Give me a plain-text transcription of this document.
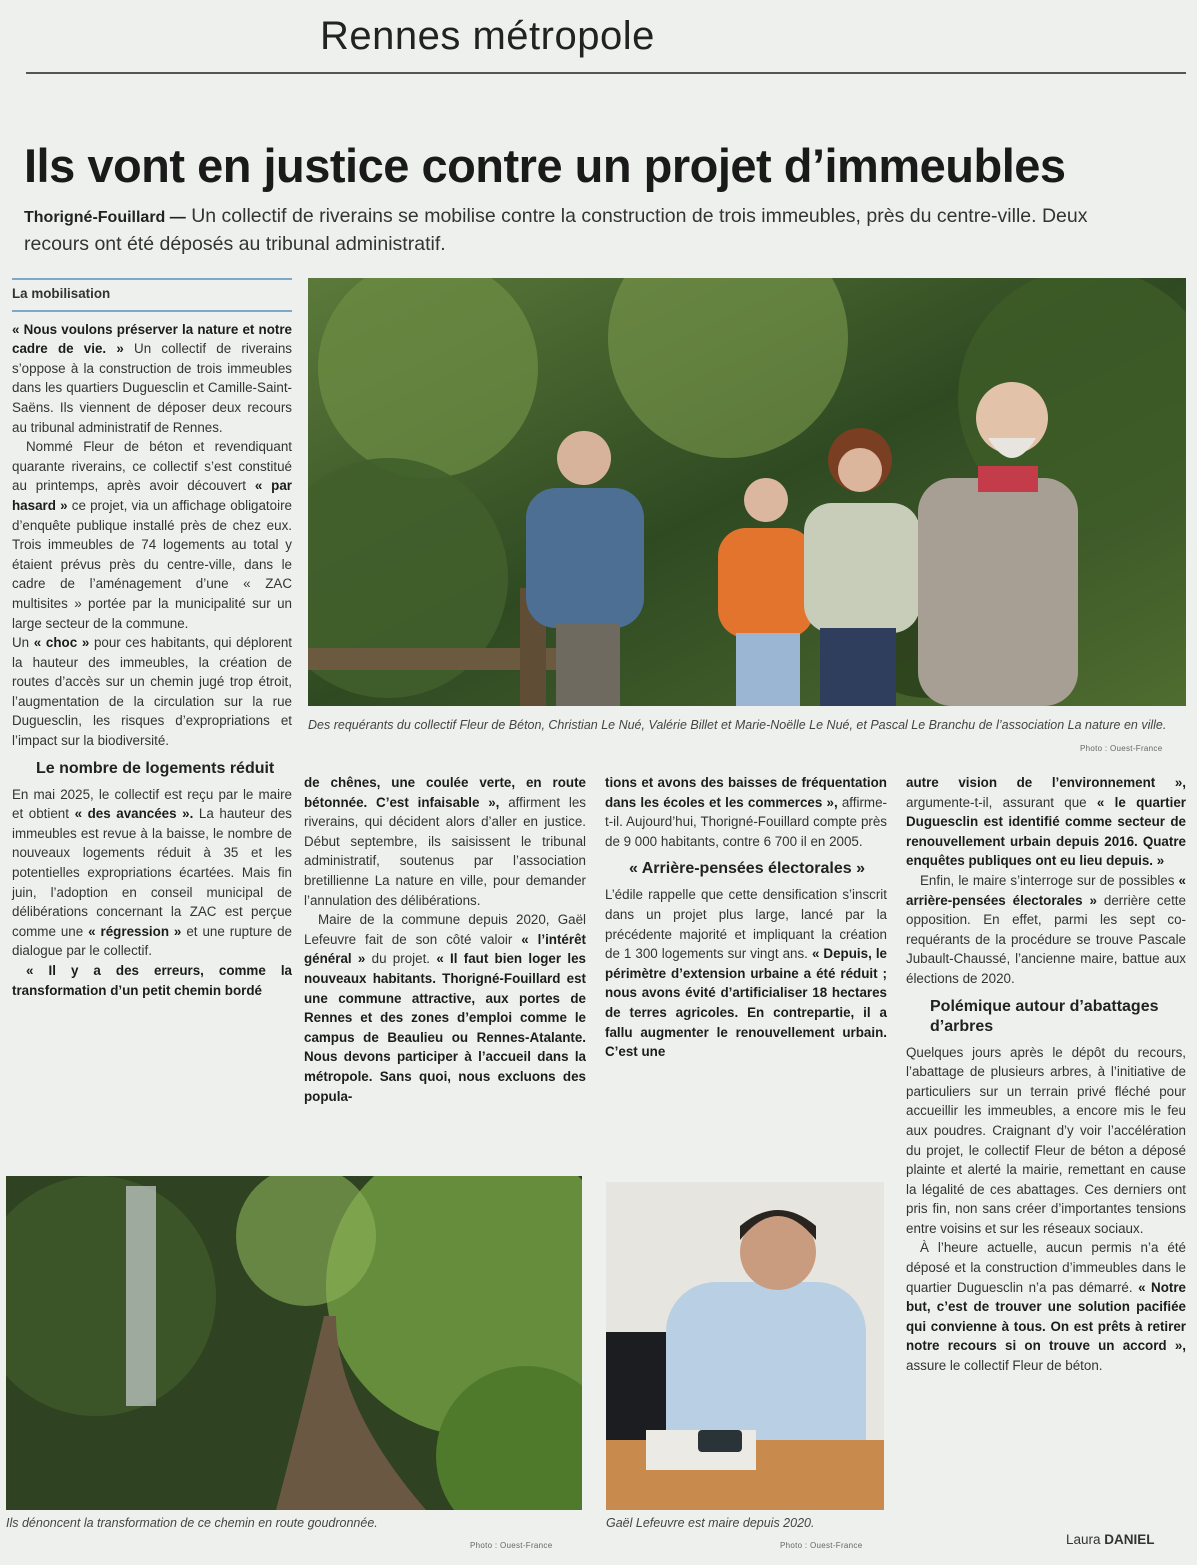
Rennes métropole
Ils vont en justice contre un projet d’immeubles
Thorigné-Fouillard — Un collectif de riverains se mobilise contre la construction de trois immeubles, près du centre-ville. Deux recours ont été déposés au tribunal administratif.
La mobilisation

« Nous voulons préserver la nature et notre cadre de vie. » Un collectif de riverains s’oppose à la construction de trois immeubles dans les quartiers Duguesclin et Camille-Saint-Saëns. Ils viennent de déposer deux recours au tribunal administratif de Rennes.

Nommé Fleur de béton et revendiquant quarante riverains, ce collectif s’est constitué au printemps, après avoir découvert « par hasard » ce projet, via un affichage obligatoire d’enquête publique installé près de chez eux. Trois immeubles de 74 logements au total y étaient prévus près du centre-ville, dans le cadre de l’aménagement d’une « ZAC multisites » portée par la municipalité sur un large secteur de la commune.

Un « choc » pour ces habitants, qui déplorent la hauteur des immeubles, la création de routes d’accès sur un chemin jugé trop étroit, l’augmentation de la circulation sur la rue Duguesclin, les risques d’expropriations et l’impact sur la biodiversité.

Le nombre de logements réduit

En mai 2025, le collectif est reçu par le maire et obtient « des avancées ». La hauteur des immeubles est revue à la baisse, le nombre de nouveaux logements réduit à 35 et les potentielles expropriations écartées. Mais fin juin, l’adoption en conseil municipal de délibérations concernant la ZAC est perçue comme une « régression » et une rupture de dialogue par le collectif.

« Il y a des erreurs, comme la transformation d’un petit chemin bordé

Des requérants du collectif Fleur de Béton, Christian Le Nué, Valérie Billet et Marie-Noëlle Le Nué, et Pascal Le Branchu de l’association La nature en ville.
Photo : Ouest-France

de chênes, une coulée verte, en route bétonnée. C’est infaisable », affirment les riverains, qui décident alors d’aller en justice. Début septembre, ils saisissent le tribunal administratif, soutenus par l’association bretillienne La nature en ville, pour demander l’annulation des délibérations.

Maire de la commune depuis 2020, Gaël Lefeuvre fait de son côté valoir « l’intérêt général » du projet. « Il faut bien loger les nouveaux habitants. Thorigné-Fouillard est une commune attractive, aux portes de Rennes et des zones d’emploi comme le campus de Beaulieu ou Rennes-Atalante. Nous devons participer à l’accueil dans la métropole. Sans quoi, nous excluons des popula-

tions et avons des baisses de fréquentation dans les écoles et les commerces », affirme-t-il. Aujourd’hui, Thorigné-Fouillard compte près de 9 000 habitants, contre 6 700 il en 2005.

« Arrière-pensées électorales »

L’édile rappelle que cette densification s’inscrit dans un projet plus large, lancé par la précédente majorité et impliquant la création de 1 300 logements sur vingt ans. « Depuis, le périmètre d’extension urbaine a été réduit ; nous avons évité d’artificialiser 18 hectares de terres agricoles. En contrepartie, il a fallu augmenter le renouvellement urbain. C’est une

autre vision de l’environnement », argumente-t-il, assurant que « le quartier Duguesclin est identifié comme secteur de renouvellement urbain depuis 2016. Quatre enquêtes publiques ont eu lieu depuis. »

Enfin, le maire s’interroge sur de possibles « arrière-pensées électorales » derrière cette opposition. En effet, parmi les sept co-requérants de la procédure se trouve Pascale Jubault-Chaussé, l’ancienne maire, battue aux élections de 2020.

Polémique autour d’abattages d’arbres

Quelques jours après le dépôt du recours, l’abattage de plusieurs arbres, à l’initiative de particuliers sur un terrain privé fléché pour accueillir les immeubles, a encore mis le feu aux poudres. Craignant d’y voir l’accélération du projet, le collectif Fleur de béton a déposé plainte et alerté la mairie, remettant en cause la légalité de ces abattages. Ces derniers ont pris fin, non sans créer d’importantes tensions entre voisins et sur les réseaux sociaux.

À l’heure actuelle, aucun permis n’a été déposé et la construction d’immeubles dans le quartier Duguesclin n’a pas démarré. « Notre but, c’est de trouver une solution pacifiée qui convienne à tous. On est prêts à retirer notre recours si on trouve un accord », assure le collectif Fleur de béton.

Ils dénoncent la transformation de ce chemin en route goudronnée.
Photo : Ouest-France
Gaël Lefeuvre est maire depuis 2020.
Photo : Ouest-France	Laura DANIEL
